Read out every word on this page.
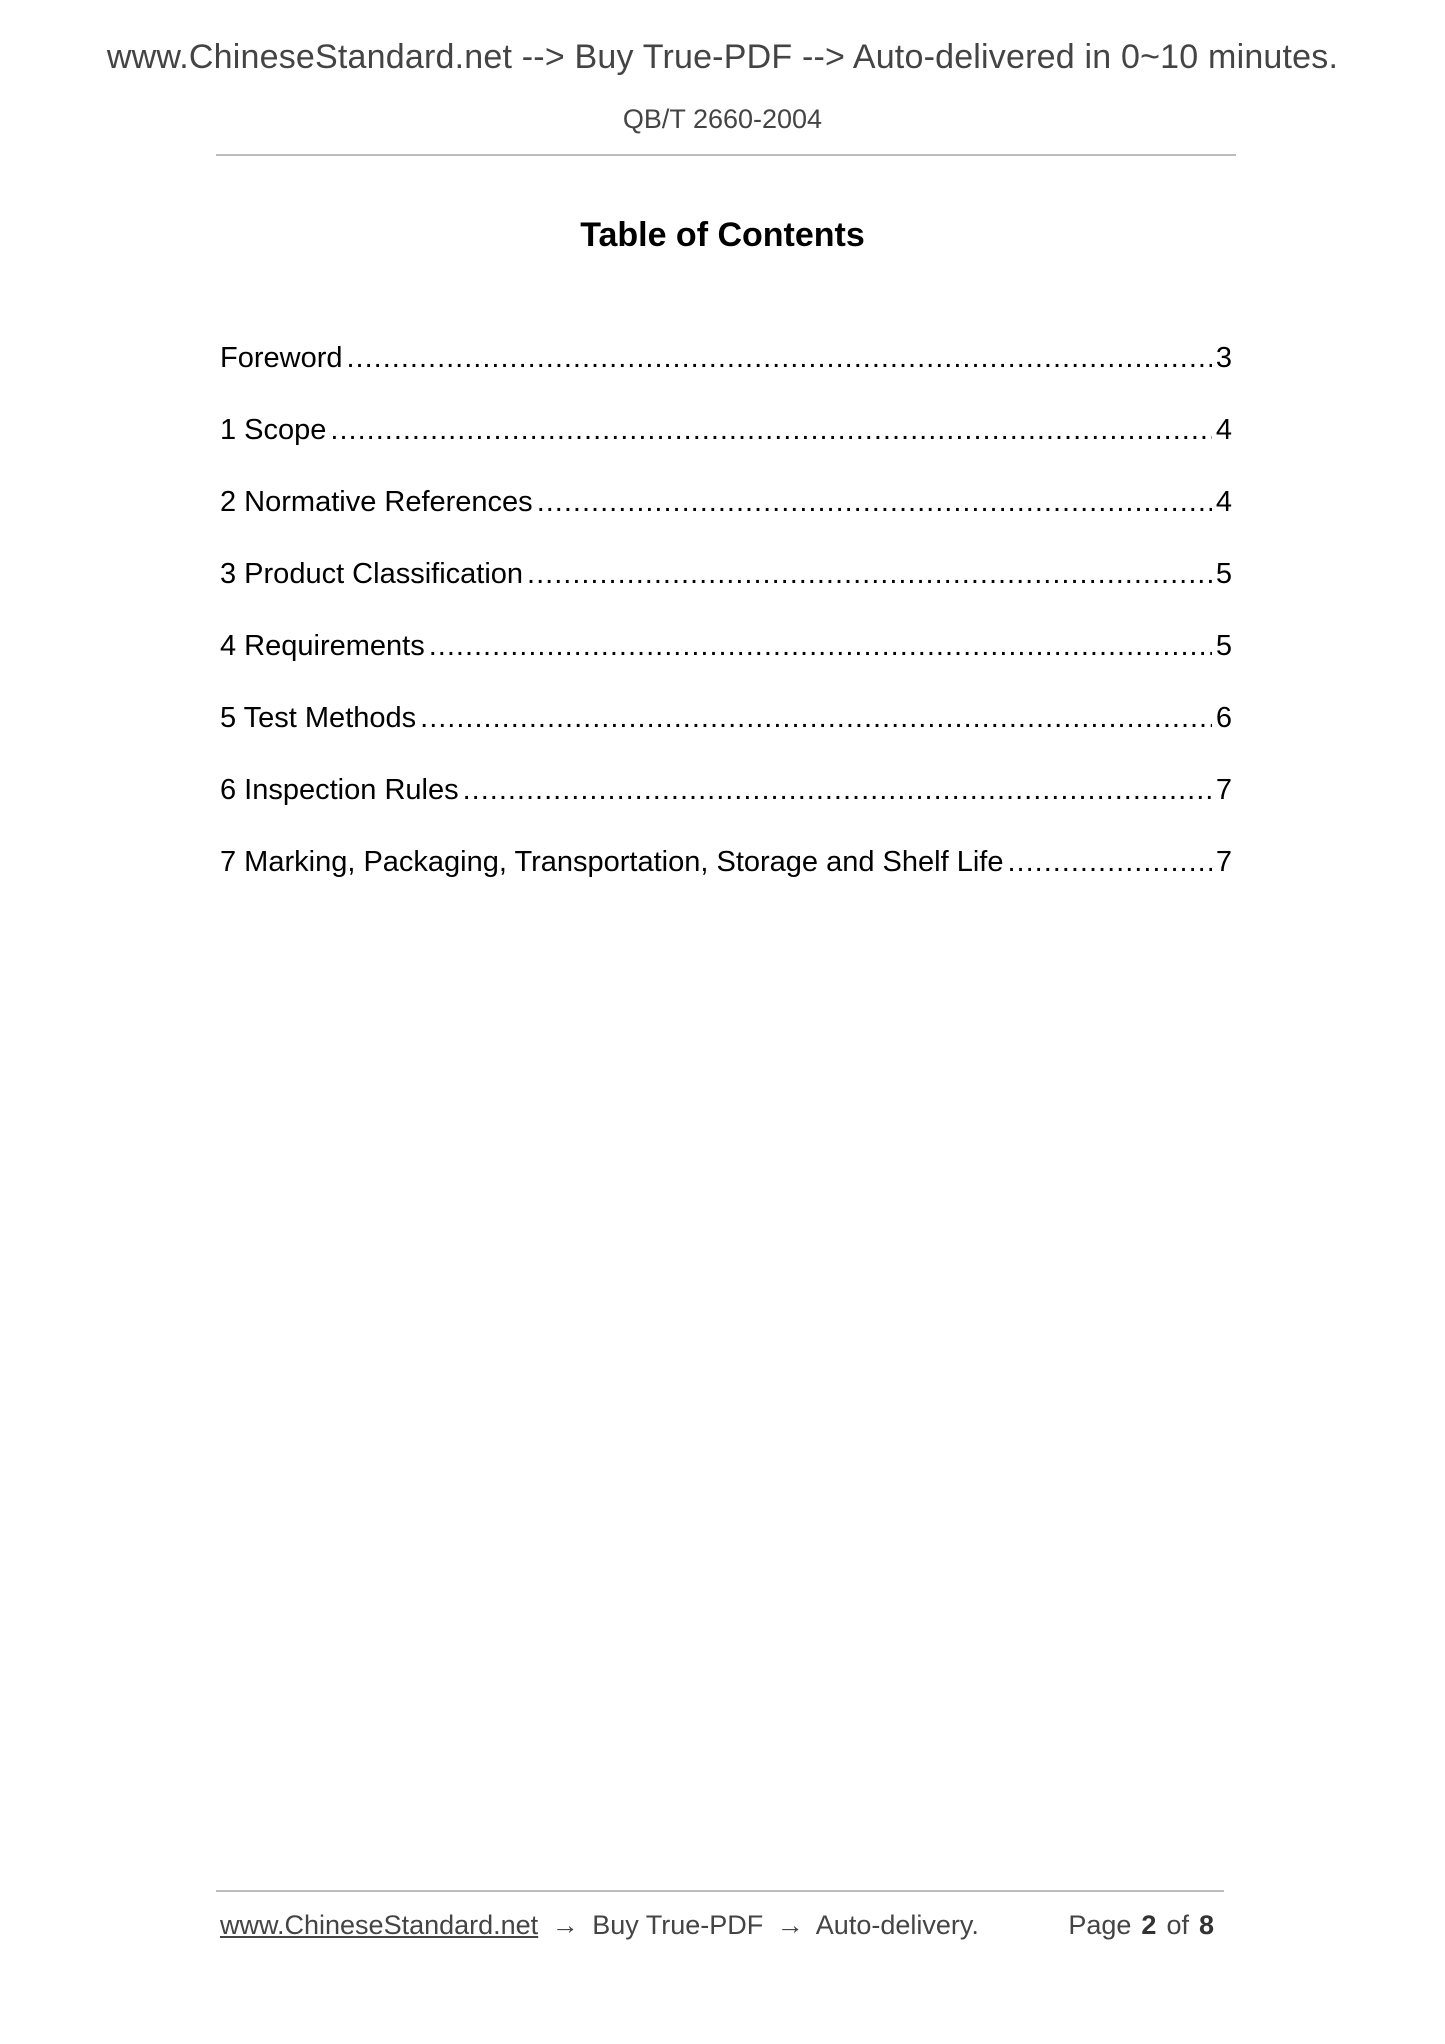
www.ChineseStandard.net --> Buy True-PDF --> Auto-delivered in 0~10 minutes.
QB/T 2660-2004
Table of Contents
Foreword .....	3
1 Scope .....	4
2 Normative References .....	4
3 Product Classification .....	5
4 Requirements .....	5
5 Test Methods .....	6
6 Inspection Rules .....	7
7 Marking, Packaging, Transportation, Storage and Shelf Life .....	7
www.ChineseStandard.net → Buy True-PDF → Auto-delivery.	Page 2 of 8
